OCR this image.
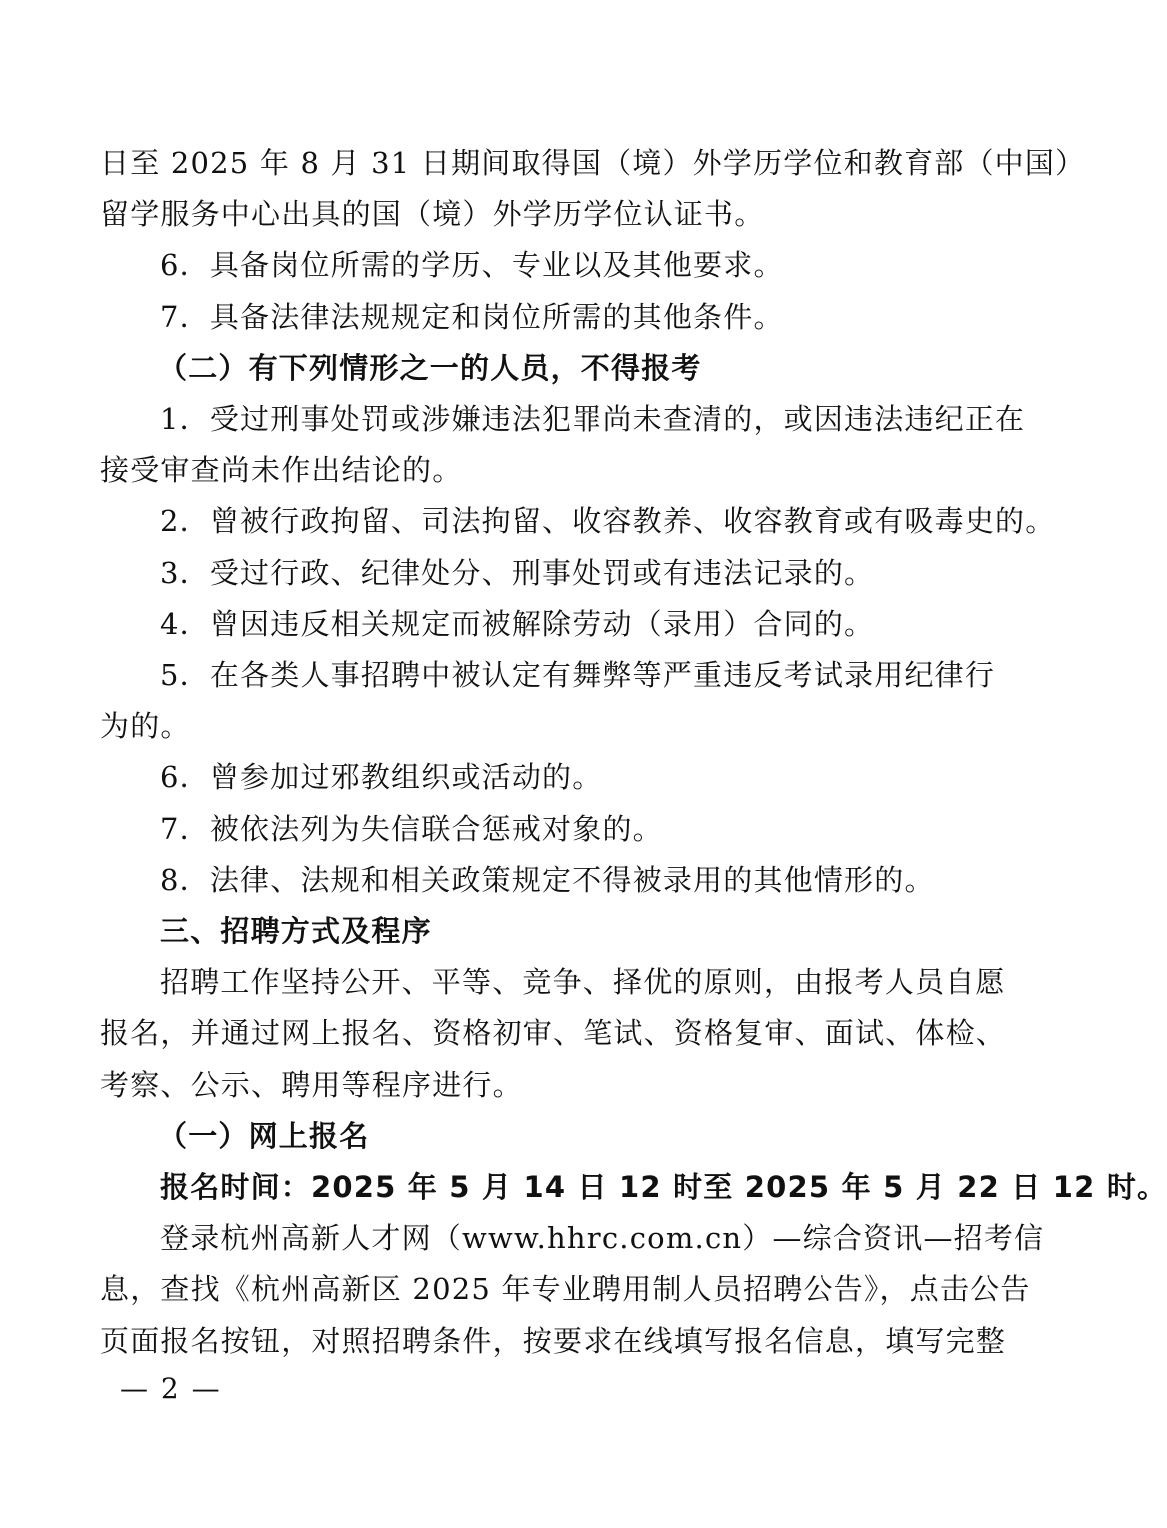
日至 2025 年 8 月 31 日期间取得国（境）外学历学位和教育部（中国）

留学服务中心出具的国（境）外学历学位认证书。

6．具备岗位所需的学历、专业以及其他要求。

7．具备法律法规规定和岗位所需的其他条件。

（二）有下列情形之一的人员，不得报考

1．受过刑事处罚或涉嫌违法犯罪尚未查清的，或因违法违纪正在

接受审查尚未作出结论的。

2．曾被行政拘留、司法拘留、收容教养、收容教育或有吸毒史的。

3．受过行政、纪律处分、刑事处罚或有违法记录的。

4．曾因违反相关规定而被解除劳动（录用）合同的。

5．在各类人事招聘中被认定有舞弊等严重违反考试录用纪律行

为的。

6．曾参加过邪教组织或活动的。

7．被依法列为失信联合惩戒对象的。

8．法律、法规和相关政策规定不得被录用的其他情形的。

三、招聘方式及程序

招聘工作坚持公开、平等、竞争、择优的原则，由报考人员自愿

报名，并通过网上报名、资格初审、笔试、资格复审、面试、体检、

考察、公示、聘用等程序进行。

（一）网上报名

报名时间：2025 年 5 月 14 日 12 时至 2025 年 5 月 22 日 12 时。

登录杭州高新人才网（www.hhrc.com.cn）—综合资讯—招考信

息，查找《杭州高新区 2025 年专业聘用制人员招聘公告》，点击公告

页面报名按钮，对照招聘条件，按要求在线填写报名信息，填写完整

— 2 —
